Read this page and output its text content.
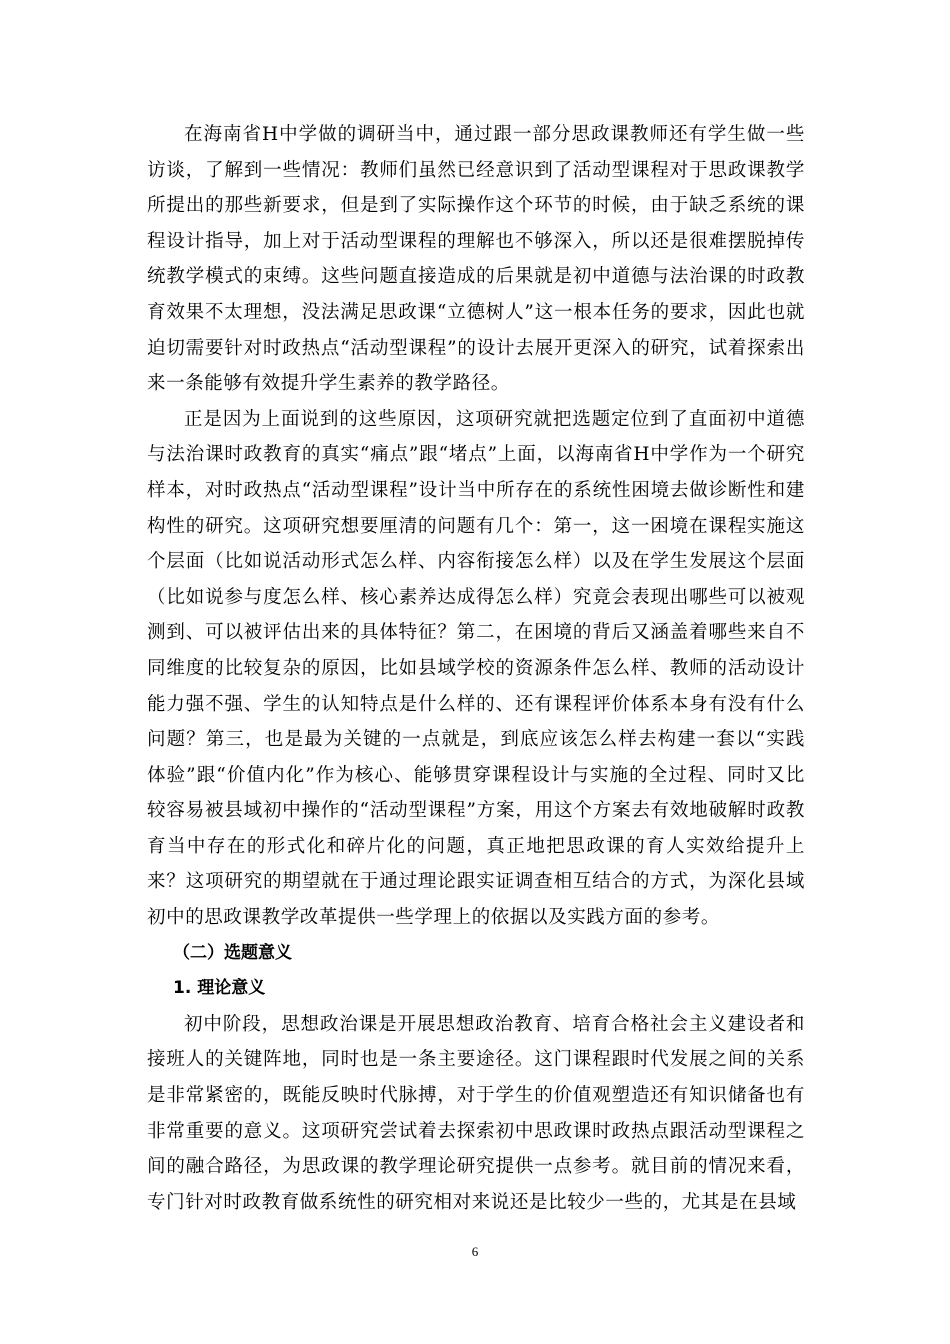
在海南省H中学做的调研当中，通过跟一部分思政课教师还有学生做一些访谈，了解到一些情况：教师们虽然已经意识到了活动型课程对于思政课教学所提出的那些新要求，但是到了实际操作这个环节的时候，由于缺乏系统的课程设计指导，加上对于活动型课程的理解也不够深入，所以还是很难摆脱掉传统教学模式的束缚。这些问题直接造成的后果就是初中道德与法治课的时政教育效果不太理想，没法满足思政课“立德树人”这一根本任务的要求，因此也就迫切需要针对时政热点“活动型课程”的设计去展开更深入的研究，试着探索出来一条能够有效提升学生素养的教学路径。

正是因为上面说到的这些原因，这项研究就把选题定位到了直面初中道德与法治课时政教育的真实“痛点”跟“堵点”上面，以海南省H中学作为一个研究样本，对时政热点“活动型课程”设计当中所存在的系统性困境去做诊断性和建构性的研究。这项研究想要厘清的问题有几个：第一，这一困境在课程实施这个层面（比如说活动形式怎么样、内容衔接怎么样）以及在学生发展这个层面（比如说参与度怎么样、核心素养达成得怎么样）究竟会表现出哪些可以被观测到、可以被评估出来的具体特征？第二，在困境的背后又涵盖着哪些来自不同维度的比较复杂的原因，比如县域学校的资源条件怎么样、教师的活动设计能力强不强、学生的认知特点是什么样的、还有课程评价体系本身有没有什么问题？第三，也是最为关键的一点就是，到底应该怎么样去构建一套以“实践体验”跟“价值内化”作为核心、能够贯穿课程设计与实施的全过程、同时又比较容易被县域初中操作的“活动型课程”方案，用这个方案去有效地破解时政教育当中存在的形式化和碎片化的问题，真正地把思政课的育人实效给提升上来？这项研究的期望就在于通过理论跟实证调查相互结合的方式，为深化县域初中的思政课教学改革提供一些学理上的依据以及实践方面的参考。

（二）选题意义

1. 理论意义

初中阶段，思想政治课是开展思想政治教育、培育合格社会主义建设者和接班人的关键阵地，同时也是一条主要途径。这门课程跟时代发展之间的关系是非常紧密的，既能反映时代脉搏，对于学生的价值观塑造还有知识储备也有非常重要的意义。这项研究尝试着去探索初中思政课时政热点跟活动型课程之间的融合路径，为思政课的教学理论研究提供一点参考。就目前的情况来看，专门针对时政教育做系统性的研究相对来说还是比较少一些的，尤其是在县域

6
